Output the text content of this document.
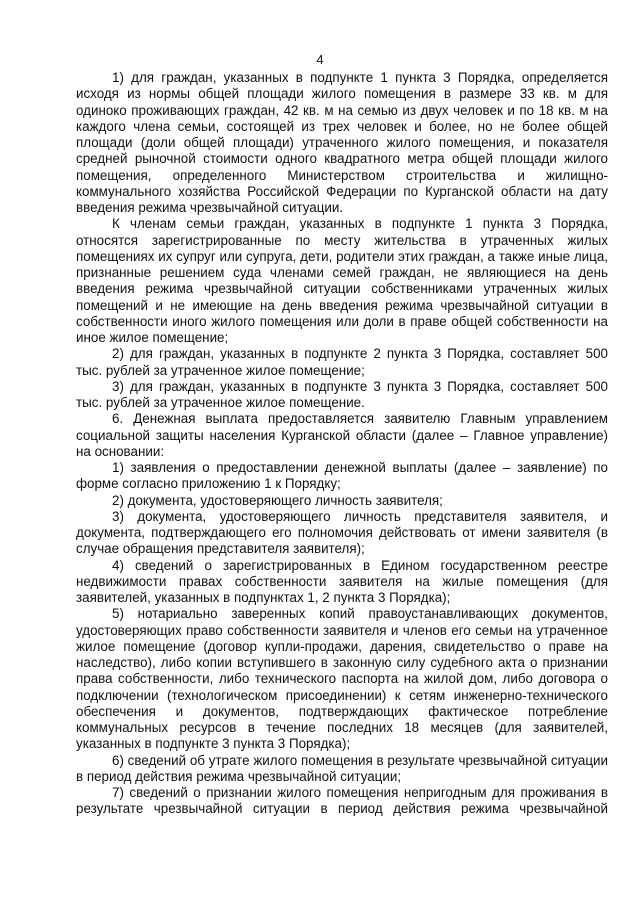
4

1) для граждан, указанных в подпункте 1 пункта 3 Порядка, определяется исходя из нормы общей площади жилого помещения в размере 33 кв. м для одиноко проживающих граждан, 42 кв. м на семью из двух человек и по 18 кв. м на каждого члена семьи, состоящей из трех человек и более, но не более общей площади (доли общей площади) утраченного жилого помещения, и показателя средней рыночной стоимости одного квадратного метра общей площади жилого помещения, определенного Министерством строительства и жилищно-коммунального хозяйства Российской Федерации по Курганской области на дату введения режима чрезвычайной ситуации.

К членам семьи граждан, указанных в подпункте 1 пункта 3 Порядка, относятся зарегистрированные по месту жительства в утраченных жилых помещениях их супруг или супруга, дети, родители этих граждан, а также иные лица, признанные решением суда членами семей граждан, не являющиеся на день введения режима чрезвычайной ситуации собственниками утраченных жилых помещений и не имеющие на день введения режима чрезвычайной ситуации в собственности иного жилого помещения или доли в праве общей собственности на иное жилое помещение;

2) для граждан, указанных в подпункте 2 пункта 3 Порядка, составляет 500 тыс. рублей за утраченное жилое помещение;

3) для граждан, указанных в подпункте 3 пункта 3 Порядка, составляет 500 тыс. рублей за утраченное жилое помещение.

6. Денежная выплата предоставляется заявителю Главным управлением социальной защиты населения Курганской области (далее – Главное управление) на основании:

1) заявления о предоставлении денежной выплаты (далее – заявление) по форме согласно приложению 1 к Порядку;

2) документа, удостоверяющего личность заявителя;

3) документа, удостоверяющего личность представителя заявителя, и документа, подтверждающего его полномочия действовать от имени заявителя (в случае обращения представителя заявителя);

4) сведений о зарегистрированных в Едином государственном реестре недвижимости правах собственности заявителя на жилые помещения (для заявителей, указанных в подпунктах 1, 2 пункта 3 Порядка);

5) нотариально заверенных копий правоустанавливающих документов, удостоверяющих право собственности заявителя и членов его семьи на утраченное жилое помещение (договор купли-продажи, дарения, свидетельство о праве на наследство), либо копии вступившего в законную силу судебного акта о признании права собственности, либо технического паспорта на жилой дом, либо договора о подключении (технологическом присоединении) к сетям инженерно-технического обеспечения и документов, подтверждающих фактическое потребление коммунальных ресурсов в течение последних 18 месяцев (для заявителей, указанных в подпункте 3 пункта 3 Порядка);

6) сведений об утрате жилого помещения в результате чрезвычайной ситуации в период действия режима чрезвычайной ситуации;

7) сведений о признании жилого помещения непригодным для проживания в результате чрезвычайной ситуации в период действия режима чрезвычайной
